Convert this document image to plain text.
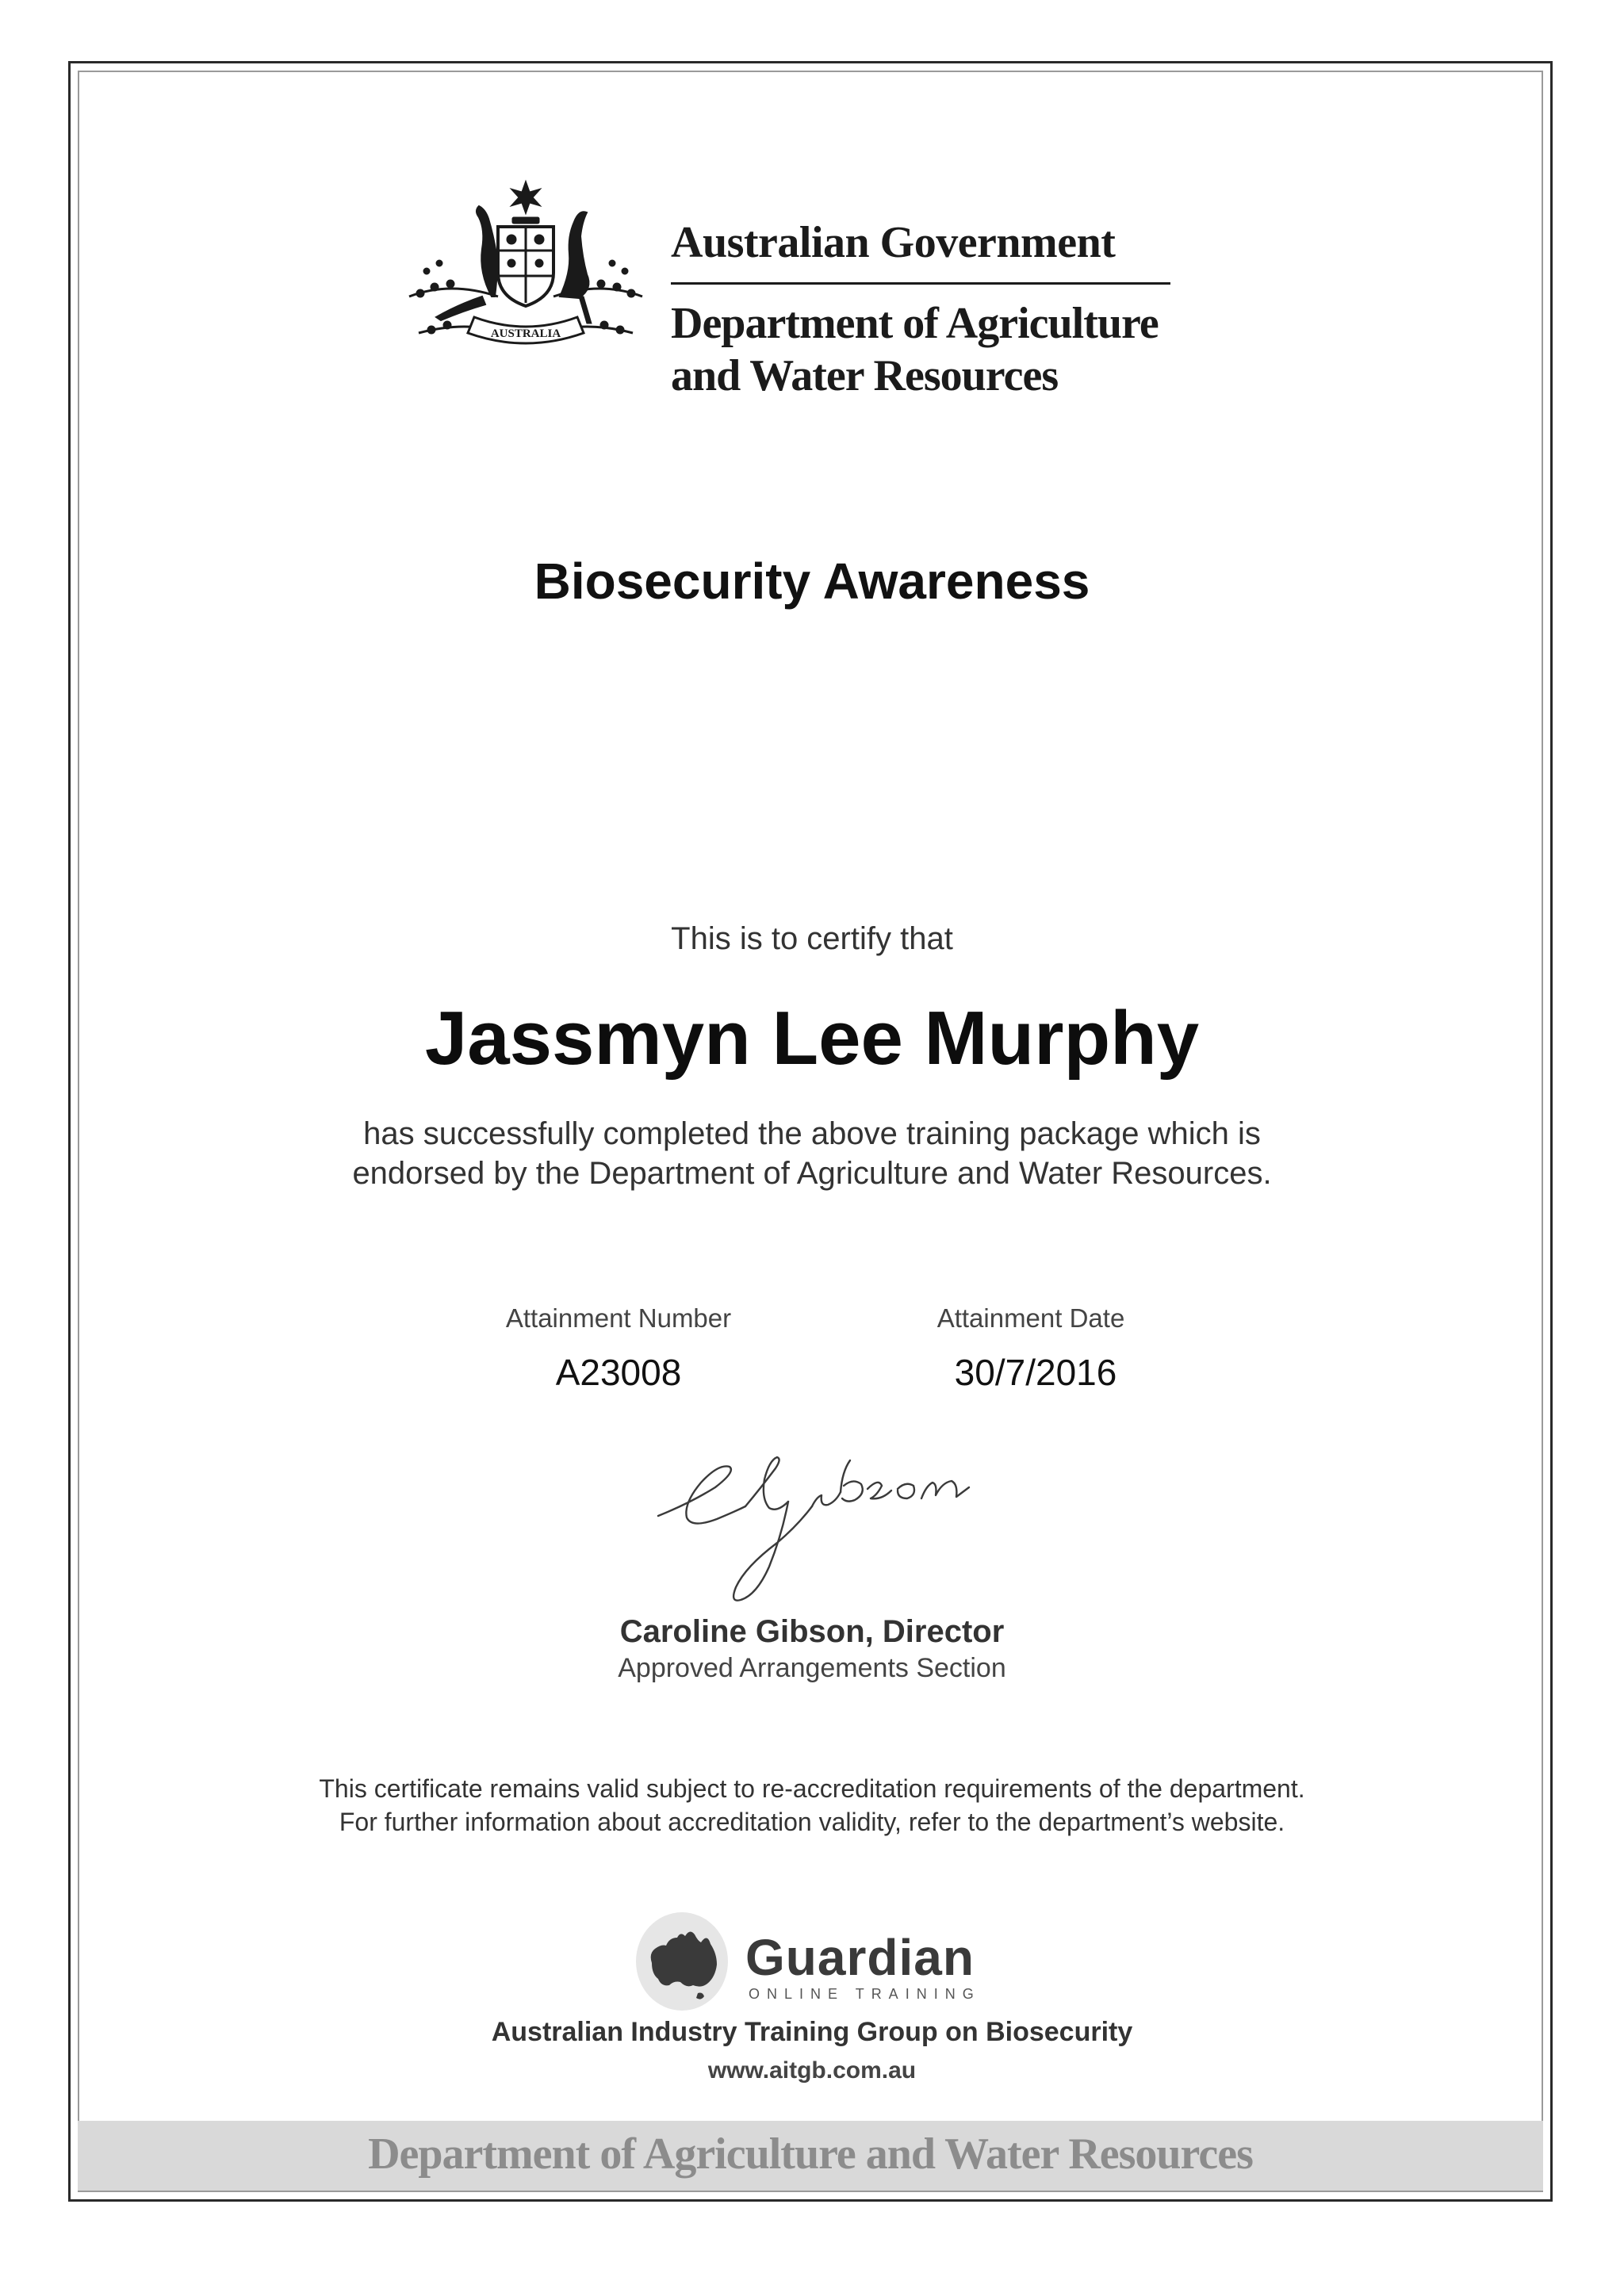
AUSTRALIA
Australian Government
Department of Agriculture
and Water Resources
Biosecurity Awareness
This is to certify that
Jassmyn Lee Murphy
has successfully completed the above training package which is
endorsed by the Department of Agriculture and Water Resources.
Attainment Number
A23008
Attainment Date
30/7/2016
Caroline Gibson, Director
Approved Arrangements Section
This certificate remains valid subject to re-accreditation requirements of the department.
For further information about accreditation validity, refer to the department’s website.
Guardian
ONLINE TRAINING
Australian Industry Training Group on Biosecurity
www.aitgb.com.au
Department of Agriculture and Water Resources
